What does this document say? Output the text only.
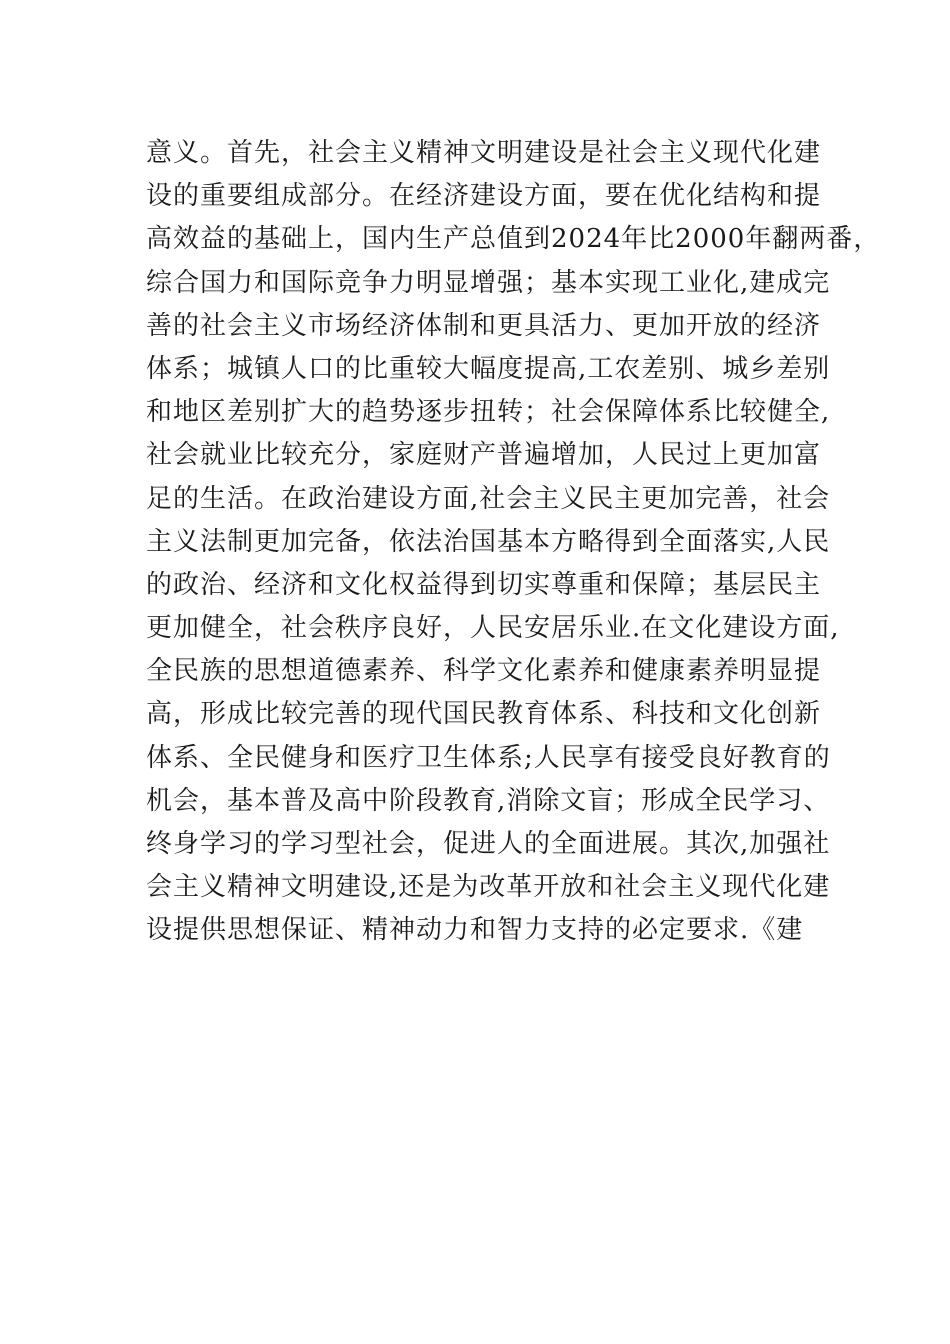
意义。首先，社会主义精神文明建设是社会主义现代化建
设的重要组成部分。在经济建设方面，要在优化结构和提
高效益的基础上，国内生产总值到2024年比2000年翻两番，
综合国力和国际竞争力明显增强；基本实现工业化,建成完
善的社会主义市场经济体制和更具活力、更加开放的经济
体系；城镇人口的比重较大幅度提高,工农差别、城乡差别
和地区差别扩大的趋势逐步扭转；社会保障体系比较健全,
社会就业比较充分，家庭财产普遍增加，人民过上更加富
足的生活。在政治建设方面,社会主义民主更加完善，社会
主义法制更加完备，依法治国基本方略得到全面落实,人民
的政治、经济和文化权益得到切实尊重和保障；基层民主
更加健全，社会秩序良好，人民安居乐业.在文化建设方面,
全民族的思想道德素养、科学文化素养和健康素养明显提
高，形成比较完善的现代国民教育体系、科技和文化创新
体系、全民健身和医疗卫生体系;人民享有接受良好教育的
机会，基本普及高中阶段教育,消除文盲；形成全民学习、
终身学习的学习型社会，促进人的全面进展。其次,加强社
会主义精神文明建设,还是为改革开放和社会主义现代化建
设提供思想保证、精神动力和智力支持的必定要求.《建
